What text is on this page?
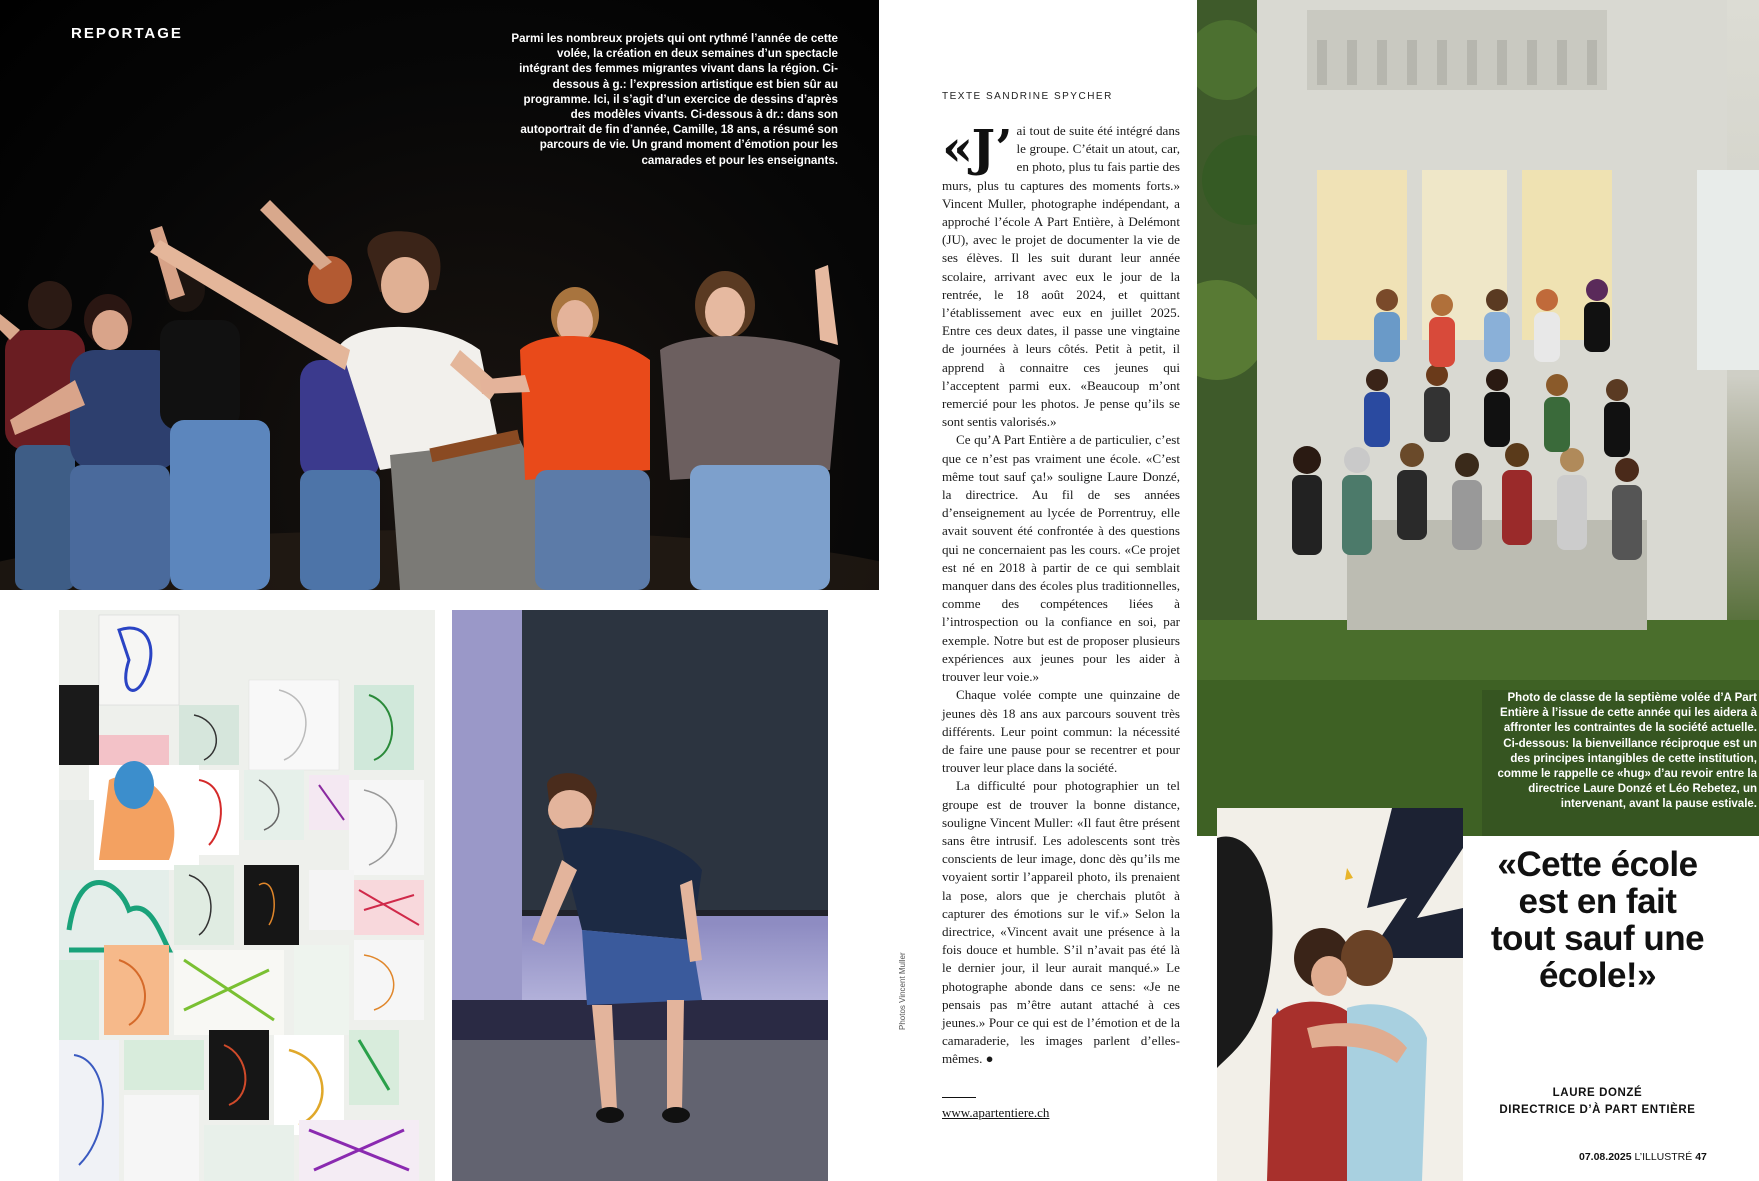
REPORTAGE	Parmi les nombreux projets qui ont rythmé l’année de cette volée, la création en deux semaines d’un spectacle intégrant des femmes migrantes vivant dans la région. Ci-dessous à g.: l’expression artistique est bien sûr au programme. Ici, il s’agit d’un exercice de dessins d’après des modèles vivants. Ci-dessous à dr.: dans son autoportrait de fin d’année, Camille, 18 ans, a résumé son parcours de vie. Un grand moment d’émotion pour les camarades et pour les enseignants.
TEXTE SANDRINE SPYCHER

«J’ ai tout de suite été intégré dans le groupe. C’était un atout, car, en photo, plus tu fais partie des murs, plus tu captures des moments forts.» Vincent Muller, photographe indépendant, a approché l’école A Part Entière, à Delémont (JU), avec le projet de documenter la vie de ses élèves. Il les suit durant leur année scolaire, arrivant avec eux le jour de la rentrée, le 18 août 2024, et quittant l’établissement avec eux en juillet 2025. Entre ces deux dates, il passe une vingtaine de journées à leurs côtés. Petit à petit, il apprend à connaitre ces jeunes qui l’acceptent parmi eux. «Beaucoup m’ont remercié pour les photos. Je pense qu’ils se sont sentis valorisés.»

Ce qu’A Part Entière a de particulier, c’est que ce n’est pas vraiment une école. «C’est même tout sauf ça!» souligne Laure Donzé, la directrice. Au fil de ses années d’enseignement au lycée de Porrentruy, elle avait souvent été confrontée à des questions qui ne concernaient pas les cours. «Ce projet est né en 2018 à partir de ce qui semblait manquer dans des écoles plus traditionnelles, comme des compétences liées à l’introspection ou la confiance en soi, par exemple. Notre but est de proposer plusieurs expériences aux jeunes pour les aider à trouver leur voie.»

Chaque volée compte une quinzaine de jeunes dès 18 ans aux parcours souvent très différents. Leur point commun: la nécessité de faire une pause pour se recentrer et pour trouver leur place dans la société.

La difficulté pour photographier un tel groupe est de trouver la bonne distance, souligne Vincent Muller: «Il faut être présent sans être intrusif. Les adolescents sont très conscients de leur image, donc dès qu’ils me voyaient sortir l’appareil photo, ils prenaient la pose, alors que je cherchais plutôt à capturer des émotions sur le vif.» Selon la directrice, «Vincent avait une présence à la fois douce et humble. S’il n’avait pas été là le dernier jour, il leur aurait manqué.» Le photographe abonde dans ce sens: «Je ne pensais pas m’être autant attaché à ces jeunes.» Pour ce qui est de l’émotion et de la camaraderie, les images parlent d’elles-mêmes. ●

www.apartentiere.ch
Photos Vincent Muller
Photo de classe de la septième volée d’A Part Entière à l’issue de cette année qui les aidera à affronter les contraintes de la société actuelle. Ci-dessous: la bienveillance réciproque est un des principes intangibles de cette institution, comme le rappelle ce «hug» d’au revoir entre la directrice Laure Donzé et Léo Rebetez, un intervenant, avant la pause estivale.
«Cette école est en fait tout sauf une école!»
LAURE DONZÉ
DIRECTRICE D’À PART ENTIÈRE
07.08.2025 L’ILLUSTRÉ 47
